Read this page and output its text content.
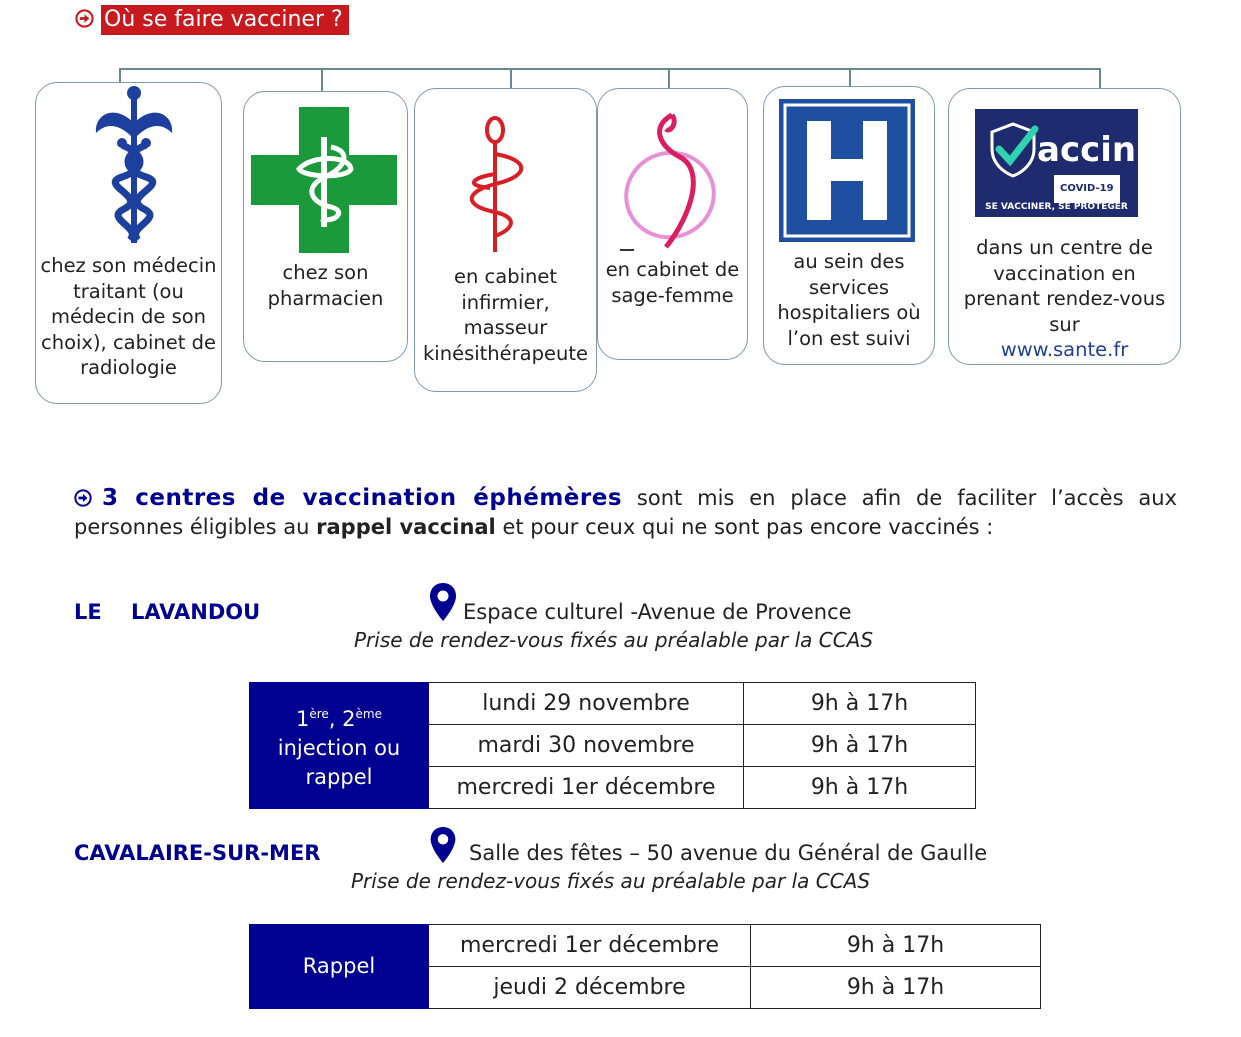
Où se faire vacciner ?
chez son médecin traitant (ou médecin de son choix), cabinet de radiologie
chez son pharmacien
en cabinet infirmier, masseur kinésithérapeute
en cabinet de sage-femme
au sein des services hospitaliers où l’on est suivi
accin
COVID-19
SE VACCINER, SE PROTÉGER
dans un centre de vaccination en prenant rendez-vous sur
www.sante.fr
3 centres de vaccination éphémères sont mis en place afin de faciliter l’accès aux personnes éligibles au rappel vaccinal et pour ceux qui ne sont pas encore vaccinés :
LE    LAVANDOU	Espace culturel -Avenue de Provence
Prise de rendez-vous fixés au préalable par la CCAS
1ère, 2ème
injection ou rappel	lundi 29 novembre	9h à 17h
	mardi 30 novembre	9h à 17h
	mercredi 1er décembre	9h à 17h
CAVALAIRE-SUR-MER	Salle des fêtes – 50 avenue du Général de Gaulle
Prise de rendez-vous fixés au préalable par la CCAS
Rappel	mercredi 1er décembre	9h à 17h
	jeudi 2 décembre	9h à 17h
